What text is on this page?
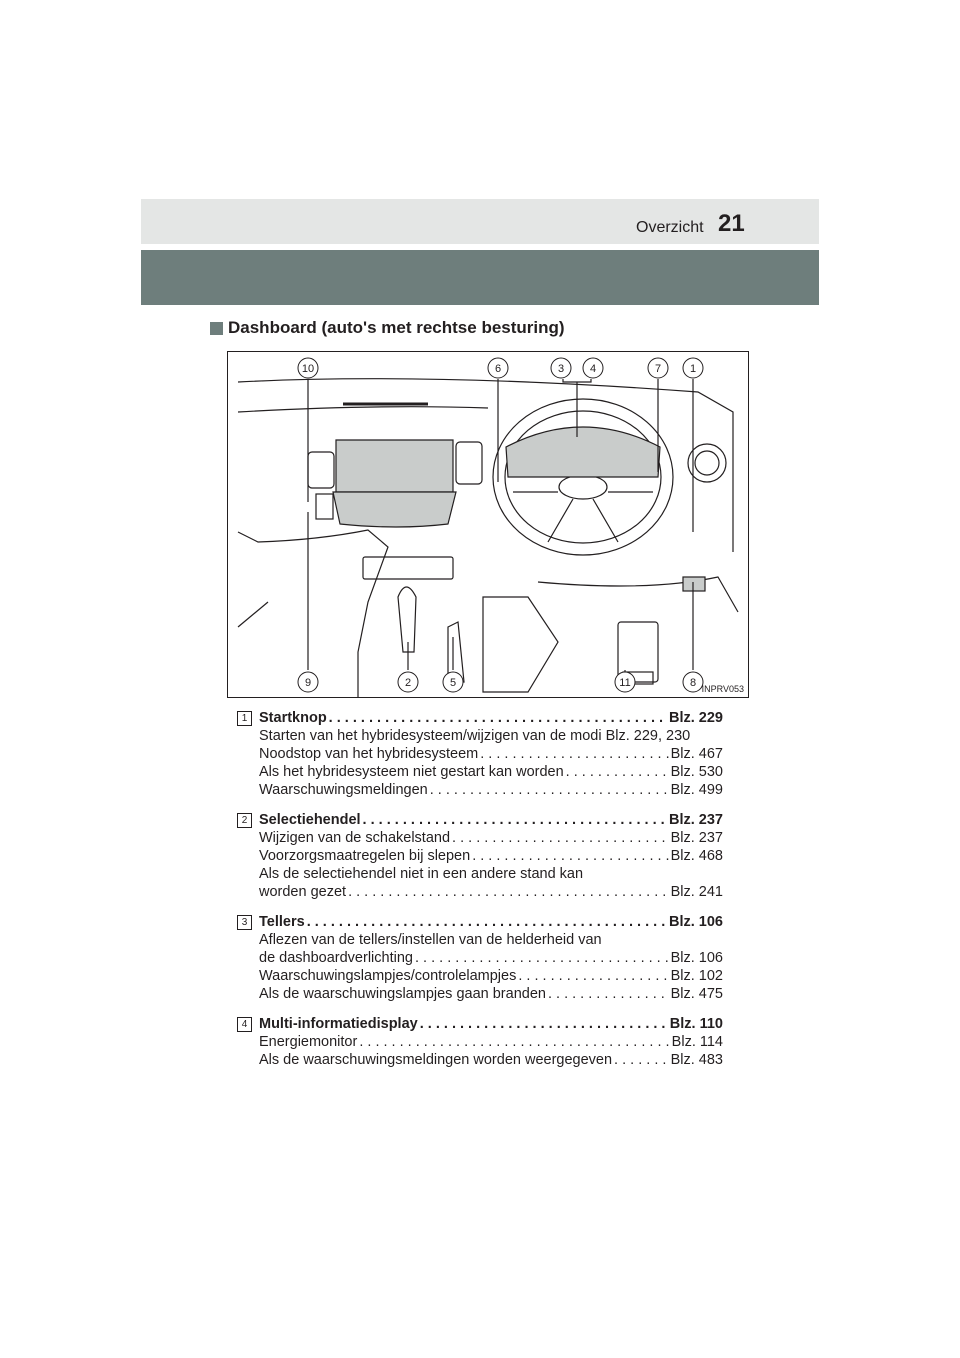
Overzicht 21
Dashboard (auto's met rechtse besturing)
10	6	3 4	7	1
9	2	5	11	8 INPRV053
1 Startknop . . .	Blz. 229
Starten van het hybridesysteem/wijzigen van de modi Blz. 229, 230
Noodstop van het hybridesysteem . . .	Blz. 467
Als het hybridesysteem niet gestart kan worden . . .	Blz. 530
Waarschuwingsmeldingen . . .	Blz. 499
2 Selectiehendel . . .	Blz. 237
Wijzigen van de schakelstand . . .	Blz. 237
Voorzorgsmaatregelen bij slepen . . .	Blz. 468
Als de selectiehendel niet in een andere stand kan
worden gezet . . .	Blz. 241
3 Tellers . . .	Blz. 106
Aflezen van de tellers/instellen van de helderheid van
de dashboardverlichting . . .	Blz. 106
Waarschuwingslampjes/controlelampjes . . .	Blz. 102
Als de waarschuwingslampjes gaan branden . . .	Blz. 475
4 Multi-informatiedisplay . . .	Blz. 110
Energiemonitor . . .	Blz. 114
Als de waarschuwingsmeldingen worden weergegeven . . .	Blz. 483
